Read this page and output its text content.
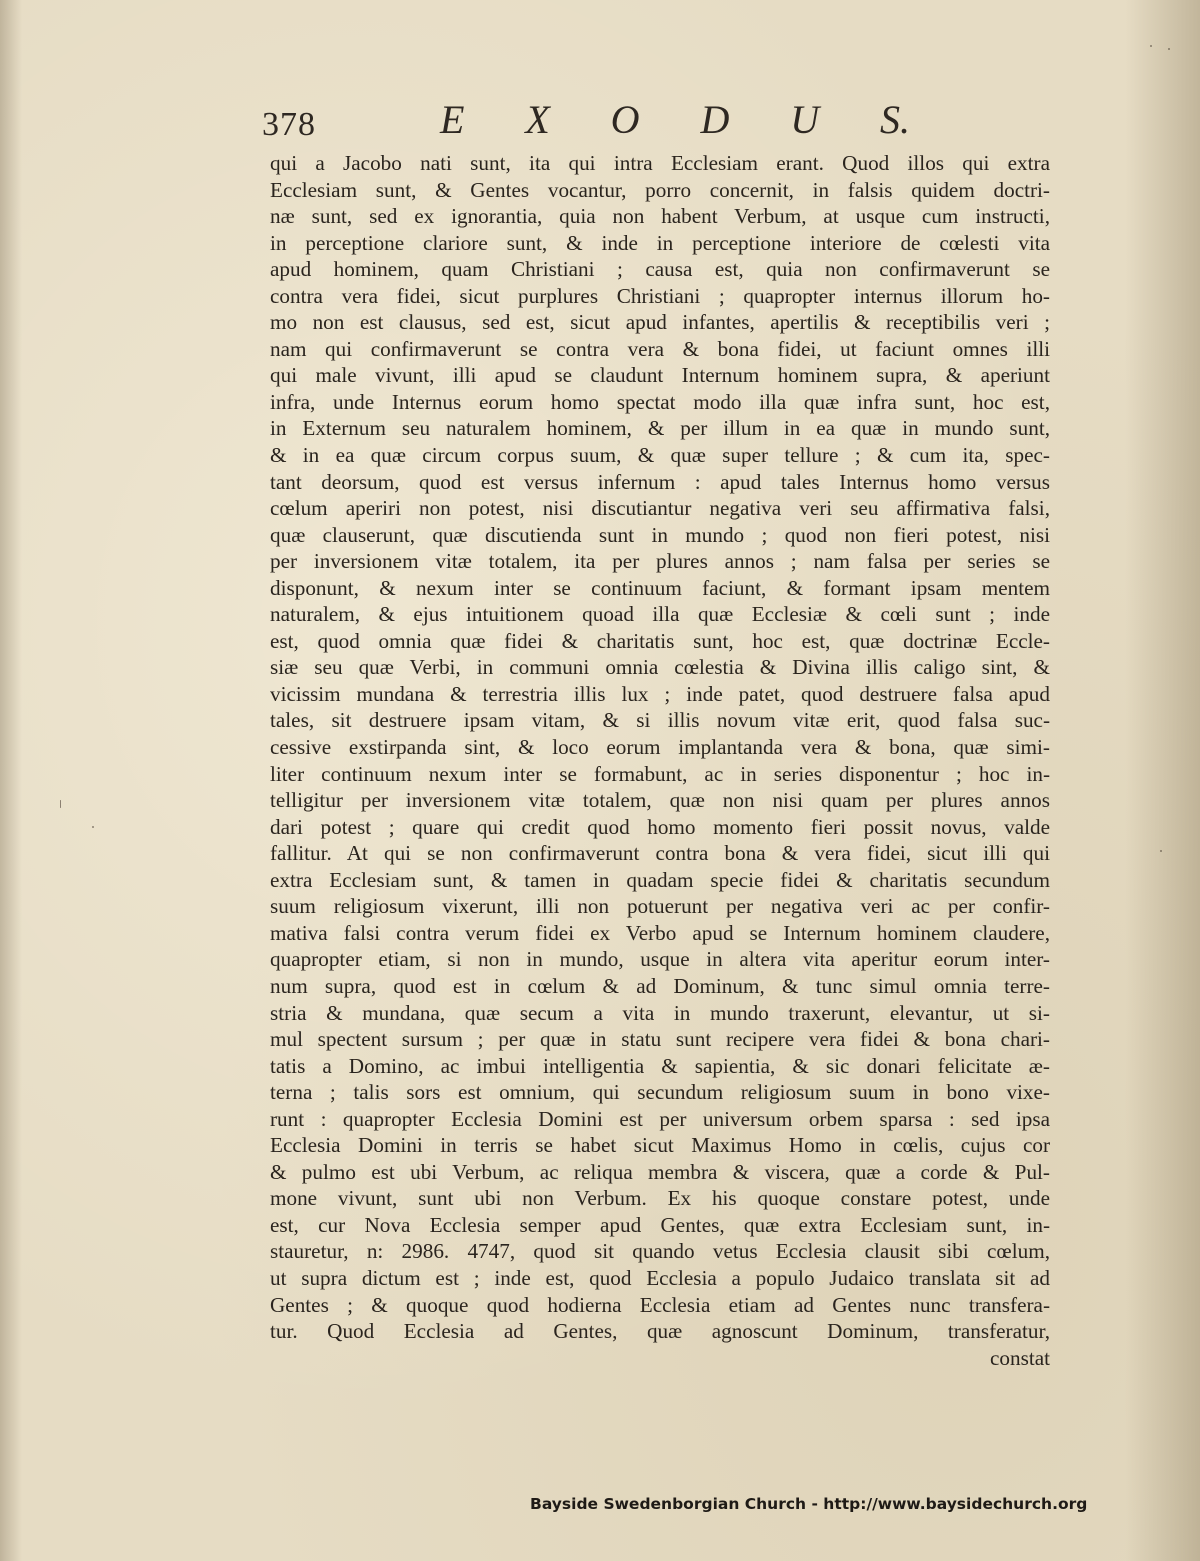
378	E X O D U S.
qui a Jacobo nati sunt, ita qui intra Ecclesiam erant. Quod illos qui extra
Ecclesiam sunt, & Gentes vocantur, porro concernit, in falsis quidem doctri-
næ sunt, sed ex ignorantia, quia non habent Verbum, at usque cum instructi,
in perceptione clariore sunt, & inde in perceptione interiore de cœlesti vita
apud hominem, quam Christiani ; causa est, quia non confirmaverunt se
contra vera fidei, sicut purplures Christiani ; quapropter internus illorum ho-
mo non est clausus, sed est, sicut apud infantes, apertilis & receptibilis veri ;
nam qui confirmaverunt se contra vera & bona fidei, ut faciunt omnes illi
qui male vivunt, illi apud se claudunt Internum hominem supra, & aperiunt
infra, unde Internus eorum homo spectat modo illa quæ infra sunt, hoc est,
in Externum seu naturalem hominem, & per illum in ea quæ in mundo sunt,
& in ea quæ circum corpus suum, & quæ super tellure ; & cum ita, spec-
tant deorsum, quod est versus infernum : apud tales Internus homo versus
cœlum aperiri non potest, nisi discutiantur negativa veri seu affirmativa falsi,
quæ clauserunt, quæ discutienda sunt in mundo ; quod non fieri potest, nisi
per inversionem vitæ totalem, ita per plures annos ; nam falsa per series se
disponunt, & nexum inter se continuum faciunt, & formant ipsam mentem
naturalem, & ejus intuitionem quoad illa quæ Ecclesiæ & cœli sunt ; inde
est, quod omnia quæ fidei & charitatis sunt, hoc est, quæ doctrinæ Eccle-
siæ seu quæ Verbi, in communi omnia cœlestia & Divina illis caligo sint, &
vicissim mundana & terrestria illis lux ; inde patet, quod destruere falsa apud
tales, sit destruere ipsam vitam, & si illis novum vitæ erit, quod falsa suc-
cessive exstirpanda sint, & loco eorum implantanda vera & bona, quæ simi-
liter continuum nexum inter se formabunt, ac in series disponentur ; hoc in-
telligitur per inversionem vitæ totalem, quæ non nisi quam per plures annos
dari potest ; quare qui credit quod homo momento fieri possit novus, valde
fallitur. At qui se non confirmaverunt contra bona & vera fidei, sicut illi qui
extra Ecclesiam sunt, & tamen in quadam specie fidei & charitatis secundum
suum religiosum vixerunt, illi non potuerunt per negativa veri ac per confir-
mativa falsi contra verum fidei ex Verbo apud se Internum hominem claudere,
quapropter etiam, si non in mundo, usque in altera vita aperitur eorum inter-
num supra, quod est in cœlum & ad Dominum, & tunc simul omnia terre-
stria & mundana, quæ secum a vita in mundo traxerunt, elevantur, ut si-
mul spectent sursum ; per quæ in statu sunt recipere vera fidei & bona chari-
tatis a Domino, ac imbui intelligentia & sapientia, & sic donari felicitate æ-
terna ; talis sors est omnium, qui secundum religiosum suum in bono vixe-
runt : quapropter Ecclesia Domini est per universum orbem sparsa : sed ipsa
Ecclesia Domini in terris se habet sicut Maximus Homo in cœlis, cujus cor
& pulmo est ubi Verbum, ac reliqua membra & viscera, quæ a corde & Pul-
mone vivunt, sunt ubi non Verbum. Ex his quoque constare potest, unde
est, cur Nova Ecclesia semper apud Gentes, quæ extra Ecclesiam sunt, in-
stauretur, n: 2986. 4747, quod sit quando vetus Ecclesia clausit sibi cœlum,
ut supra dictum est ; inde est, quod Ecclesia a populo Judaico translata sit ad
Gentes ; & quoque quod hodierna Ecclesia etiam ad Gentes nunc transfera-
tur. Quod Ecclesia ad Gentes, quæ agnoscunt Dominum, transferatur,
constat
Bayside Swedenborgian Church - http://www.baysidechurch.org
